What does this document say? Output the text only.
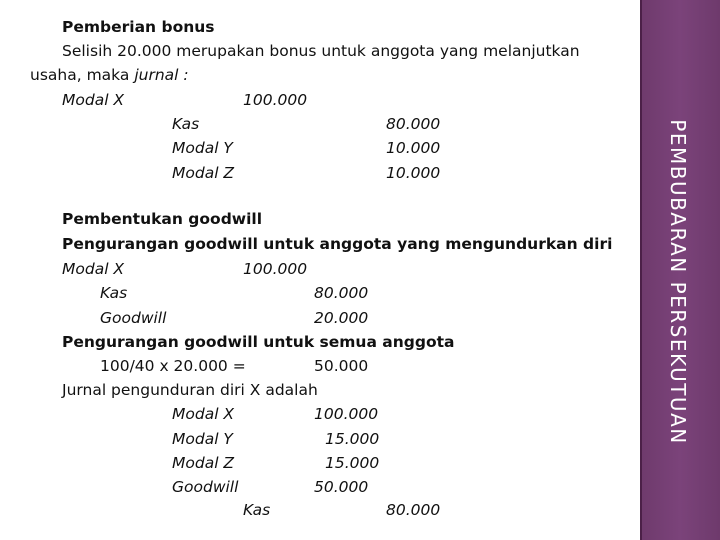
Pemberian bonus
Selisih 20.000 merupakan bonus untuk anggota yang melanjutkan
usaha, maka jurnal :
Modal X	100.000
Kas	80.000
Modal Y	10.000
Modal Z	10.000
Pembentukan goodwill
Pengurangan goodwill untuk anggota yang mengundurkan diri
Modal X	100.000
Kas	80.000
Goodwill	20.000
Pengurangan goodwill untuk semua anggota
100/40 x 20.000 =	50.000
Jurnal pengunduran diri X adalah
Modal X	100.000
Modal Y	15.000
Modal Z	15.000
Goodwill	50.000
Kas	80.000
PEMBUBARAN PERSEKUTUAN
